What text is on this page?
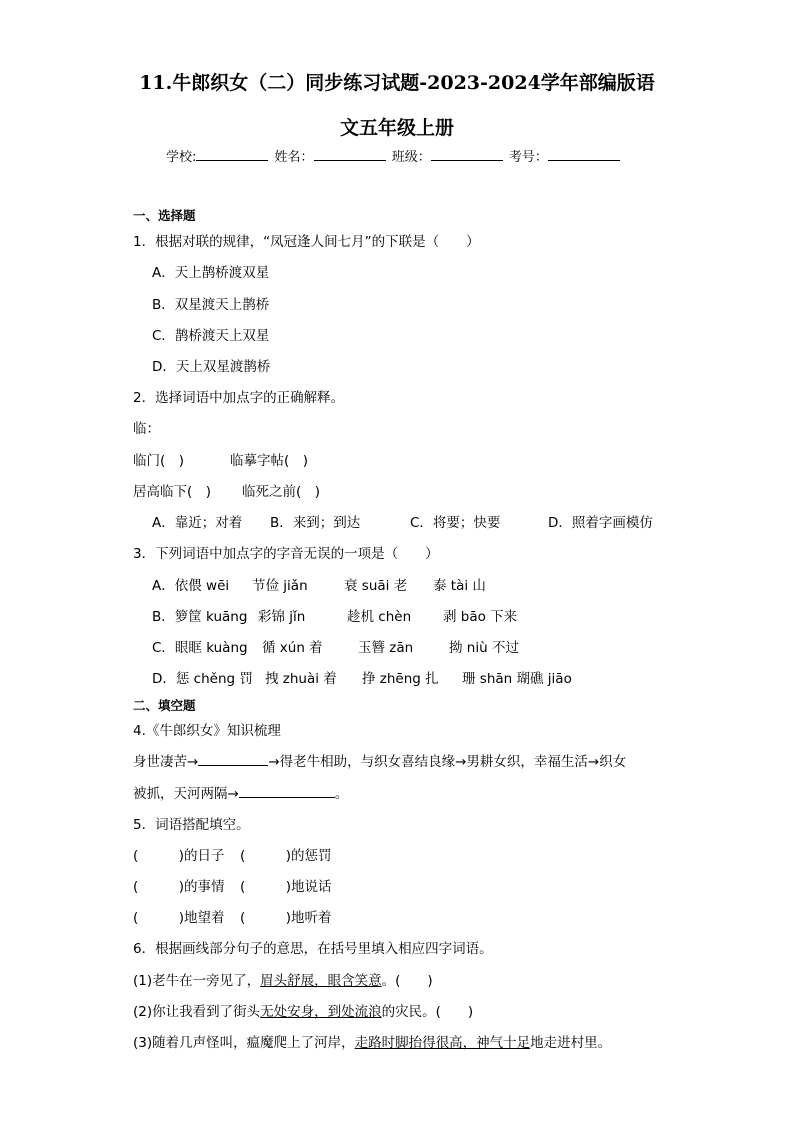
11.牛郎织女（二）同步练习试题-2023-2024学年部编版语
文五年级上册
学校:	姓名：	班级：	考号：
一、选择题
1．根据对联的规律，“凤冠逢人间七月”的下联是（　　）
A．天上鹊桥渡双星
B．双星渡天上鹊桥
C．鹊桥渡天上双星
D．天上双星渡鹊桥
2．选择词语中加点字的正确解释。
临：
临门(　)	临摹字帖(　)
居高临下(　) 临死之前(　)
A．靠近；对着 B．来到；到达	C．将要；快要	D．照着字画模仿
3．下列词语中加点字的字音无误的一项是（　　）
A．依偎 wēi 节俭 jiǎn	衰 suāi 老 泰 tài 山
B．箩筐 kuāng 彩锦 jǐn	趁机 chèn 剥 bāo 下来
C．眼眶 kuàng 循 xún 着	玉簪 zān	拗 niù 不过
D．惩 chěng 罚 拽 zhuài 着 挣 zhēng 扎 珊 shān 瑚礁 jiāo
二、填空题
4.《牛郎织女》知识梳理
身世凄苦→	→得老牛相助，与织女喜结良缘→男耕女织，幸福生活→织女
被抓，天河两隔→	。
5．词语搭配填空。
(　　　)的日子 (　　　)的惩罚
(　　　)的事情 (　　　)地说话
(　　　)地望着 (　　　)地听着
6．根据画线部分句子的意思，在括号里填入相应四字词语。
(1)老牛在一旁见了，眉头舒展，眼含笑意。(　　)
(2)你让我看到了街头无处安身，到处流浪的灾民。(　　)
(3)随着几声怪叫，瘟魔爬上了河岸，走路时脚抬得很高，神气十足地走进村里。
